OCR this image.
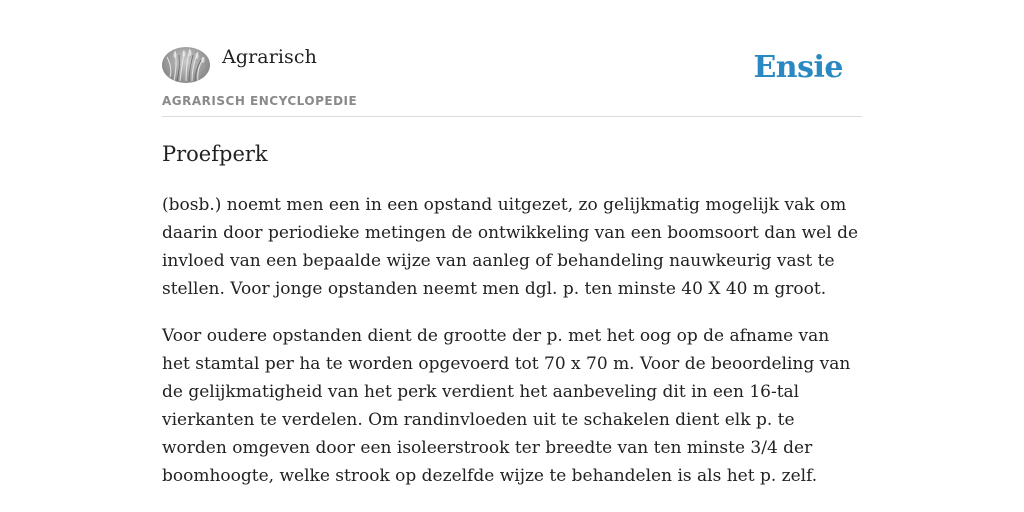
Agrarisch
AGRARISCH ENCYCLOPEDIE
Ensie
Proefperk

(bosb.) noemt men een in een opstand uitgezet, zo gelijkmatig mogelijk vak om daarin door periodieke metingen de ontwikkeling van een boomsoort dan wel de invloed van een bepaalde wijze van aanleg of behandeling nauwkeurig vast te stellen. Voor jonge opstanden neemt men dgl. p. ten minste 40 X 40 m groot.

Voor oudere opstanden dient de grootte der p. met het oog op de afname van het stamtal per ha te worden opgevoerd tot 70 x 70 m. Voor de beoordeling van de gelijkmatigheid van het perk verdient het aanbeveling dit in een 16-tal vierkanten te verdelen. Om randinvloeden uit te schakelen dient elk p. te worden omgeven door een isoleerstrook ter breedte van ten minste 3/4 der boomhoogte, welke strook op dezelfde wijze te behandelen is als het p. zelf.
